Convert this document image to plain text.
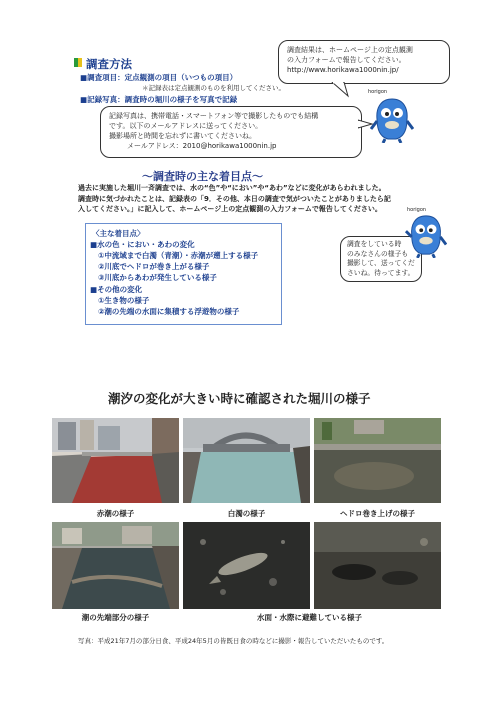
調査方法
■調査項目：定点観測の項目（いつもの項目）
＊記録表は定点観測のものを利用してください。
■記録写真：調査時の堀川の様子を写真で記録
調査結果は、ホームページ上の定点観測
の入力フォームで報告してください。
http://www.horikawa1000nin.jp/
horigon
記録写真は、携帯電話・スマートフォン等で撮影したものでも結構
です。以下のメールアドレスに送ってください。
撮影場所と時間を忘れずに書いてくださいね。
メールアドレス：2010@horikawa1000nin.jp
～調査時の主な着目点～
過去に実施した堀川一斉調査では、水の“色”や“におい”や“あわ”などに変化があらわれました。
調査時に気づかれたことは、記録表の「9．その他、本日の調査で気がついたことがありましたら記
入してください。」に記入して、ホームページ上の定点観測の入力フォームで報告してください。
〈主な着目点〉
■水の色・におい・あわの変化
①中流域まで白濁（青潮）・赤潮が遡上する様子
②川底でヘドロが巻き上がる様子
③川底からあわが発生している様子
■その他の変化
①生き物の様子
②潮の先端の水面に集積する浮遊物の様子
調査をしている時
のみなさんの様子も
撮影して、送ってくだ
さいね。待ってます。
horigon
潮汐の変化が大きい時に確認された堀川の様子
赤潮の様子	白濁の様子	ヘドロ巻き上げの様子
潮の先端部分の様子	水面・水際に避難している様子
写真：平成21年7月の部分日食、平成24年5月の皆既日食の時などに撮影・報告していただいたものです。
